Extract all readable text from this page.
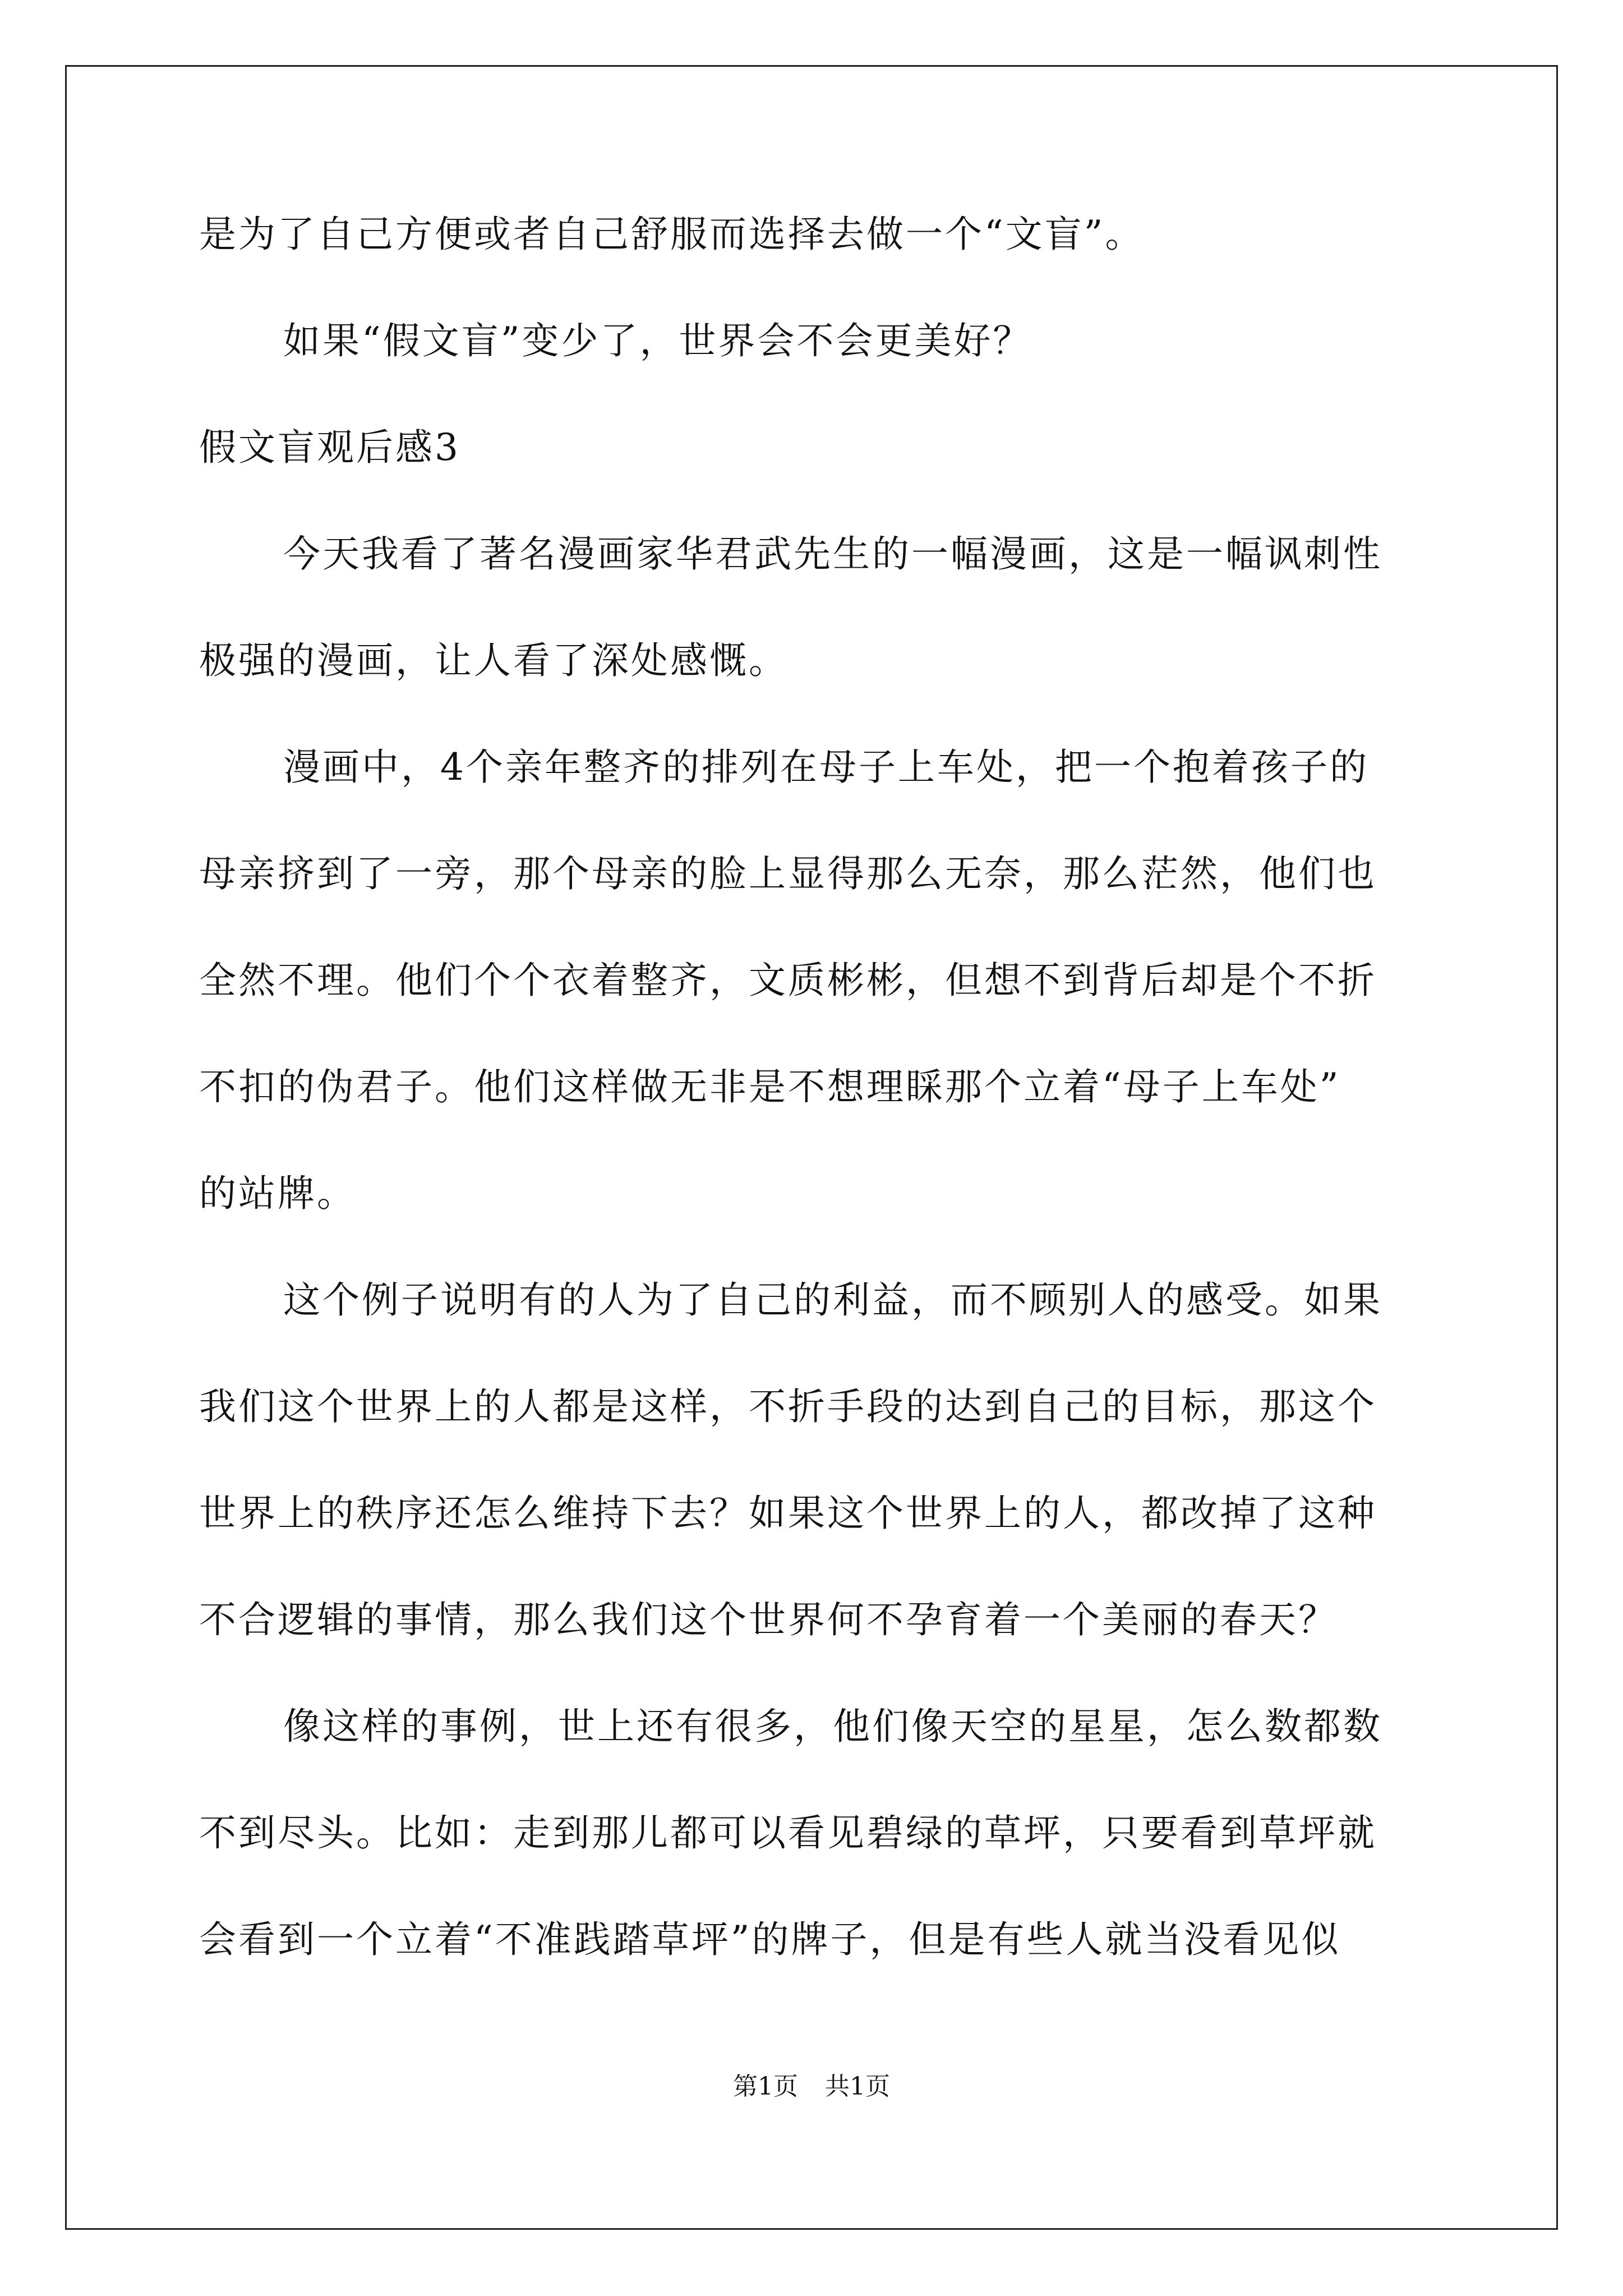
是为了自己方便或者自己舒服而选择去做一个“文盲”。
如果“假文盲”变少了，世界会不会更美好？
假文盲观后感3
今天我看了著名漫画家华君武先生的一幅漫画，这是一幅讽刺性
极强的漫画，让人看了深处感慨。
漫画中，4个亲年整齐的排列在母子上车处，把一个抱着孩子的
母亲挤到了一旁，那个母亲的脸上显得那么无奈，那么茫然，他们也
全然不理。他们个个衣着整齐，文质彬彬，但想不到背后却是个不折
不扣的伪君子。他们这样做无非是不想理睬那个立着“母子上车处”
的站牌。
这个例子说明有的人为了自己的利益，而不顾别人的感受。如果
我们这个世界上的人都是这样，不折手段的达到自己的目标，那这个
世界上的秩序还怎么维持下去？如果这个世界上的人，都改掉了这种
不合逻辑的事情，那么我们这个世界何不孕育着一个美丽的春天？
像这样的事例，世上还有很多，他们像天空的星星，怎么数都数
不到尽头。比如：走到那儿都可以看见碧绿的草坪，只要看到草坪就
会看到一个立着“不准践踏草坪”的牌子，但是有些人就当没看见似
第1页 共1页
